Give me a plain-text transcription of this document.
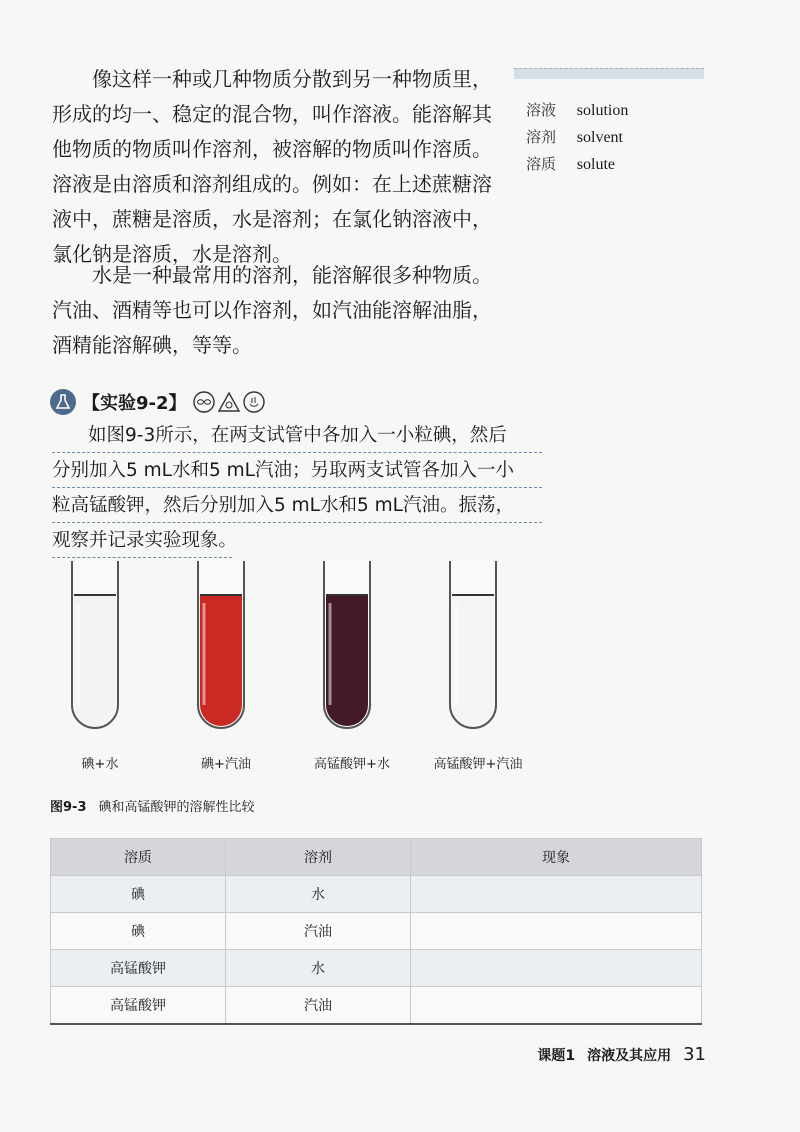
像这样一种或几种物质分散到另一种物质里，形成的均一、稳定的混合物，叫作溶液。能溶解其他物质的物质叫作溶剂，被溶解的物质叫作溶质。溶液是由溶质和溶剂组成的。例如：在上述蔗糖溶液中，蔗糖是溶质，水是溶剂；在氯化钠溶液中，氯化钠是溶质，水是溶剂。

水是一种最常用的溶剂，能溶解很多种物质。汽油、酒精等也可以作溶剂，如汽油能溶解油脂，酒精能溶解碘，等等。

溶液 solution
溶剂 solvent
溶质 solute
【实验9-2】
如图9-3所示，在两支试管中各加入一小粒碘，然后
分别加入5 mL水和5 mL汽油；另取两支试管各加入一小
粒高锰酸钾，然后分别加入5 mL水和5 mL汽油。振荡，
观察并记录实验现象。
碘+水	碘+汽油	高锰酸钾+水	高锰酸钾+汽油
图9-3 碘和高锰酸钾的溶解性比较
溶质	溶剂	现象
碘	水	
碘	汽油	
高锰酸钾	水	
高锰酸钾	汽油	
课题1 溶液及其应用 31
